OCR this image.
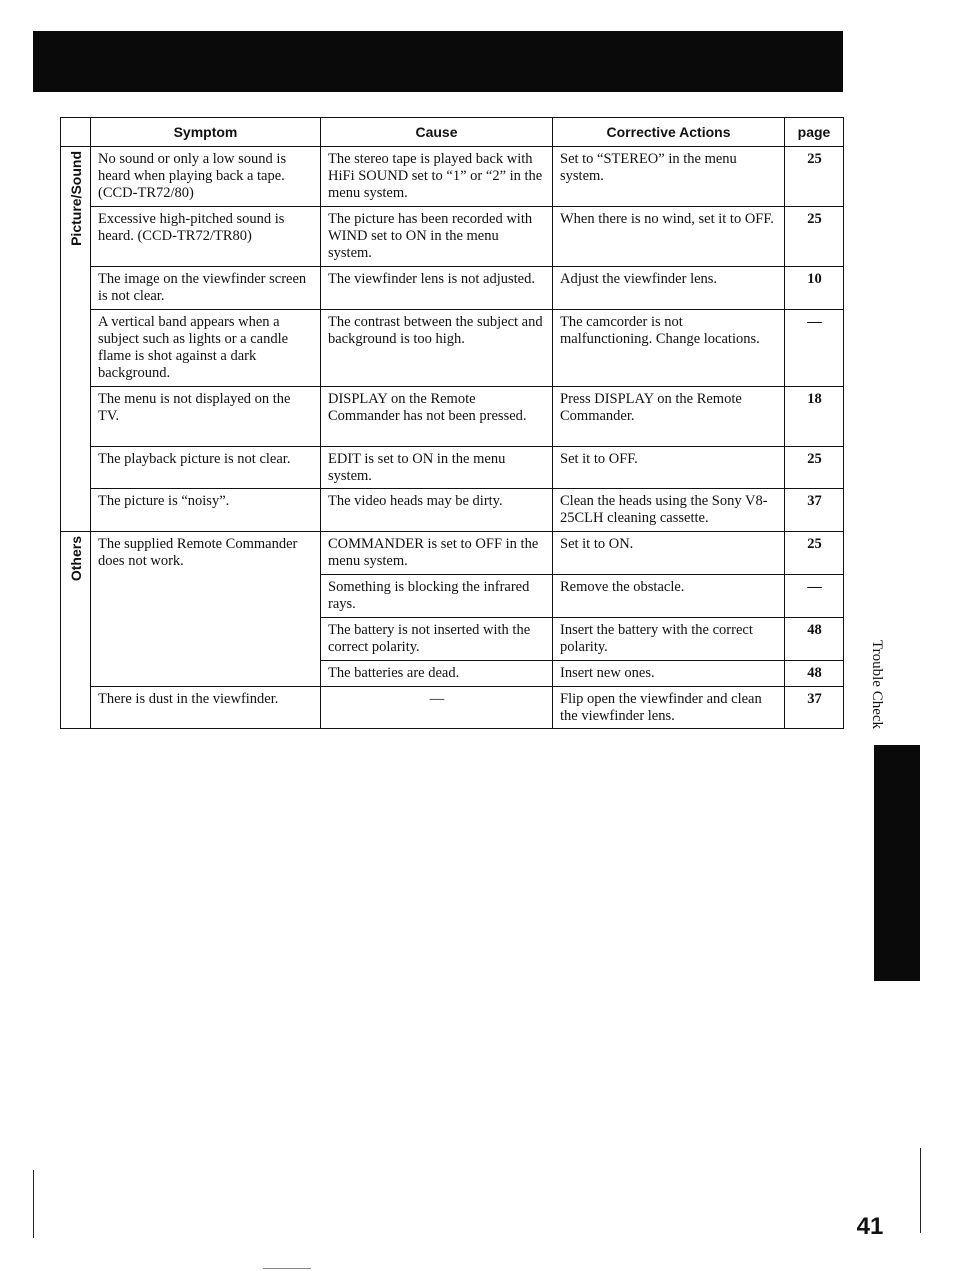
	Symptom	Cause	Corrective Actions	page
Picture/Sound	No sound or only a low sound is heard when playing back a tape. (CCD-TR72/80)	The stereo tape is played back with HiFi SOUND set to “1” or “2” in the menu system.	Set to “STEREO” in the menu system.	25
	Excessive high-pitched sound is heard. (CCD-TR72/TR80)	The picture has been recorded with WIND set to ON in the menu system.	When there is no wind, set it to OFF.	25
	The image on the viewfinder screen is not clear.	The viewfinder lens is not adjusted.	Adjust the viewfinder lens.	10
	A vertical band appears when a subject such as lights or a candle flame is shot against a dark background.	The contrast between the subject and background is too high.	The camcorder is not malfunctioning. Change locations.	—
	The menu is not displayed on the TV.	DISPLAY on the Remote Commander has not been pressed.	Press DISPLAY on the Remote Commander.	18
	The playback picture is not clear.	EDIT is set to ON in the menu system.	Set it to OFF.	25
	The picture is “noisy”.	The video heads may be dirty.	Clean the heads using the Sony V8-25CLH cleaning cassette.	37
Others	The supplied Remote Commander does not work.	COMMANDER is set to OFF in the menu system.	Set it to ON.	25
		Something is blocking the infrared rays.	Remove the obstacle.	—
		The battery is not inserted with the correct polarity.	Insert the battery with the correct polarity.	48
		The batteries are dead.	Insert new ones.	48
	There is dust in the viewfinder.	—	Flip open the viewfinder and clean the viewfinder lens.	37	Trouble Check
41
